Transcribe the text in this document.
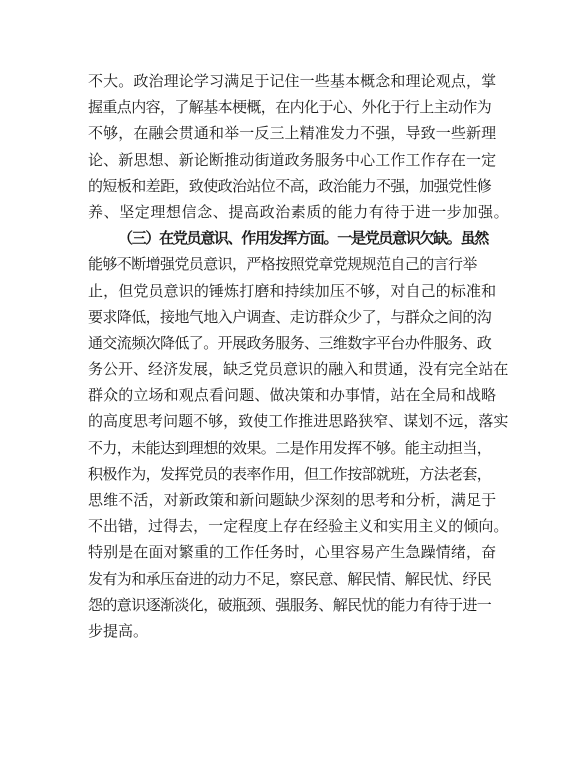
不大。政治理论学习满足于记住一些基本概念和理论观点，掌
握重点内容，了解基本梗概，在内化于心、外化于行上主动作为
不够，在融会贯通和举一反三上精准发力不强，导致一些新理
论、新思想、新论断推动街道政务服务中心工作工作存在一定
的短板和差距，致使政治站位不高，政治能力不强，加强党性修
养、坚定理想信念、提高政治素质的能力有待于进一步加强。
（三）在党员意识、作用发挥方面。一是党员意识欠缺。虽然
能够不断增强党员意识，严格按照党章党规规范自己的言行举
止，但党员意识的锤炼打磨和持续加压不够，对自己的标准和
要求降低，接地气地入户调查、走访群众少了，与群众之间的沟
通交流频次降低了。开展政务服务、三维数字平台办件服务、政
务公开、经济发展，缺乏党员意识的融入和贯通，没有完全站在
群众的立场和观点看问题、做决策和办事情，站在全局和战略
的高度思考问题不够，致使工作推进思路狭窄、谋划不远，落实
不力，未能达到理想的效果。二是作用发挥不够。能主动担当，
积极作为，发挥党员的表率作用，但工作按部就班，方法老套，
思维不活，对新政策和新问题缺少深刻的思考和分析，满足于
不出错，过得去，一定程度上存在经验主义和实用主义的倾向。
特别是在面对繁重的工作任务时，心里容易产生急躁情绪，奋
发有为和承压奋进的动力不足，察民意、解民情、解民忧、纾民
怨的意识逐渐淡化，破瓶颈、强服务、解民忧的能力有待于进一
步提高。
